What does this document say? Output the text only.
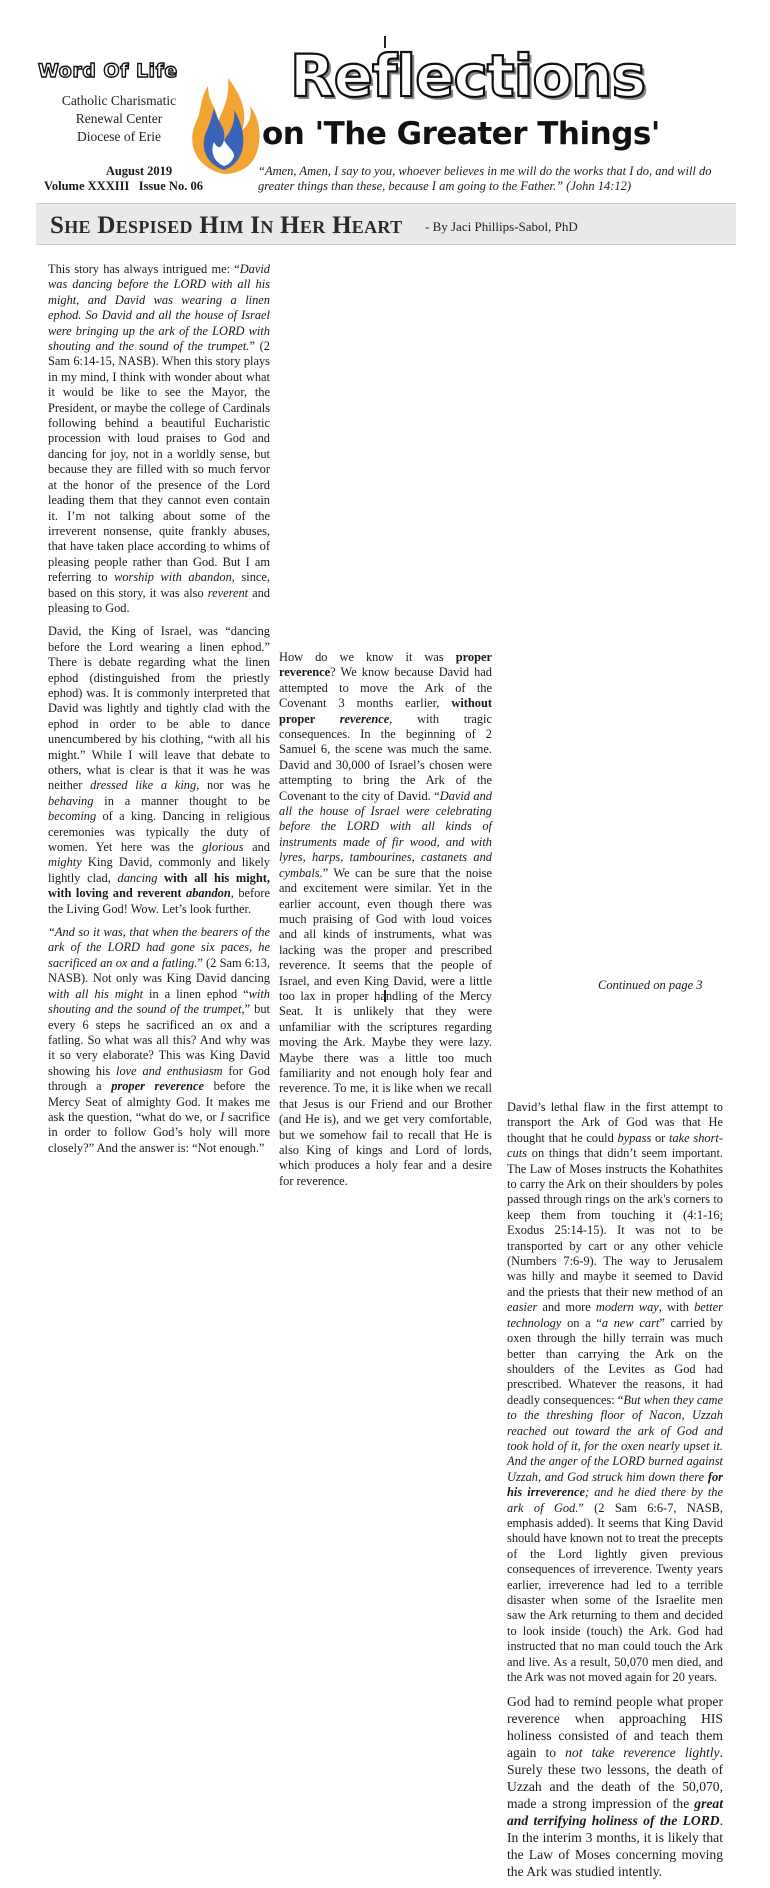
Word Of Life
Catholic Charismatic
Renewal Center
Diocese of Erie
Reflections
on 'The Greater Things'
August 2019
Volume XXXIII Issue No. 06
“Amen, Amen, I say to you, whoever believes in me will do the works that I do, and will do greater things than these, because I am going to the Father.” (John 14:12)
She Despised Him In Her Heart - By Jaci Phillips-Sabol, PhD

This story has always intrigued me: “David was dancing before the LORD with all his might, and David was wearing a linen ephod. So David and all the house of Israel were bringing up the ark of the LORD with shouting and the sound of the trumpet.” (2 Sam 6:14-15, NASB). When this story plays in my mind, I think with wonder about what it would be like to see the Mayor, the President, or maybe the college of Cardinals following behind a beautiful Eucharistic procession with loud praises to God and dancing for joy, not in a worldly sense, but because they are filled with so much fervor at the honor of the presence of the Lord leading them that they cannot even contain it. I’m not talking about some of the irreverent nonsense, quite frankly abuses, that have taken place according to whims of pleasing people rather than God. But I am referring to worship with abandon, since, based on this story, it was also reverent and pleasing to God.

David, the King of Israel, was “dancing before the Lord wearing a linen ephod.” There is debate regarding what the linen ephod (distinguished from the priestly ephod) was. It is commonly interpreted that David was lightly and tightly clad with the ephod in order to be able to dance unencumbered by his clothing, “with all his might.” While I will leave that debate to others, what is clear is that it was he was neither dressed like a king, nor was he behaving in a manner thought to be becoming of a king. Dancing in religious ceremonies was typically the duty of women. Yet here was the glorious and mighty King David, commonly and likely lightly clad, dancing with all his might, with loving and reverent abandon, before the Living God! Wow. Let’s look further.

“And so it was, that when the bearers of the ark of the LORD had gone six paces, he sacrificed an ox and a fatling.” (2 Sam 6:13, NASB). Not only was King David dancing with all his might in a linen ephod “with shouting and the sound of the trumpet,” but every 6 steps he sacrificed an ox and a fatling. So what was all this? And why was it so very elaborate? This was King David showing his love and enthusiasm for God through a proper reverence before the Mercy Seat of almighty God. It makes me ask the question, “what do we, or I sacrifice in order to follow God’s holy will more closely?” And the answer is: “Not enough.”

How do we know it was proper reverence? We know because David had attempted to move the Ark of the Covenant 3 months earlier, without proper reverence, with tragic consequences. In the beginning of 2 Samuel 6, the scene was much the same. David and 30,000 of Israel’s chosen were attempting to bring the Ark of the Covenant to the city of David. “David and all the house of Israel were celebrating before the LORD with all kinds of instruments made of fir wood, and with lyres, harps, tambourines, castanets and cymbals.” We can be sure that the noise and excitement were similar. Yet in the earlier account, even though there was much praising of God with loud voices and all kinds of instruments, what was lacking was the proper and prescribed reverence. It seems that the people of Israel, and even King David, were a little too lax in proper handling of the Mercy Seat. It is unlikely that they were unfamiliar with the scriptures regarding moving the Ark. Maybe they were lazy. Maybe there was a little too much familiarity and not enough holy fear and reverence. To me, it is like when we recall that Jesus is our Friend and our Brother (and He is), and we get very comfortable, but we somehow fail to recall that He is also King of kings and Lord of lords, which produces a holy fear and a desire for reverence.

David’s lethal flaw in the first attempt to transport the Ark of God was that He thought that he could bypass or take short-cuts on things that didn’t seem important. The Law of Moses instructs the Kohathites to carry the Ark on their shoulders by poles passed through rings on the ark's corners to keep them from touching it (4:1-16; Exodus 25:14-15). It was not to be transported by cart or any other vehicle (Numbers 7:6-9). The way to Jerusalem was hilly and maybe it seemed to David and the priests that their new method of an easier and more modern way, with better technology on a “a new cart” carried by oxen through the hilly terrain was much better than carrying the Ark on the shoulders of the Levites as God had prescribed. Whatever the reasons, it had deadly consequences: “But when they came to the threshing floor of Nacon, Uzzah reached out toward the ark of God and took hold of it, for the oxen nearly upset it. And the anger of the LORD burned against Uzzah, and God struck him down there for his irreverence; and he died there by the ark of God.” (2 Sam 6:6-7, NASB, emphasis added). It seems that King David should have known not to treat the precepts of the Lord lightly given previous consequences of irreverence. Twenty years earlier, irreverence had led to a terrible disaster when some of the Israelite men saw the Ark returning to them and decided to look inside (touch) the Ark. God had instructed that no man could touch the Ark and live. As a result, 50,070 men died, and the Ark was not moved again for 20 years.

God had to remind people what proper reverence when approaching HIS holiness consisted of and teach them again to not take reverence lightly. Surely these two lessons, the death of Uzzah and the death of the 50,070, made a strong impression of the great and terrifying holiness of the LORD. In the interim 3 months, it is likely that the Law of Moses concerning moving the Ark was studied intently.

Continued on page 3
